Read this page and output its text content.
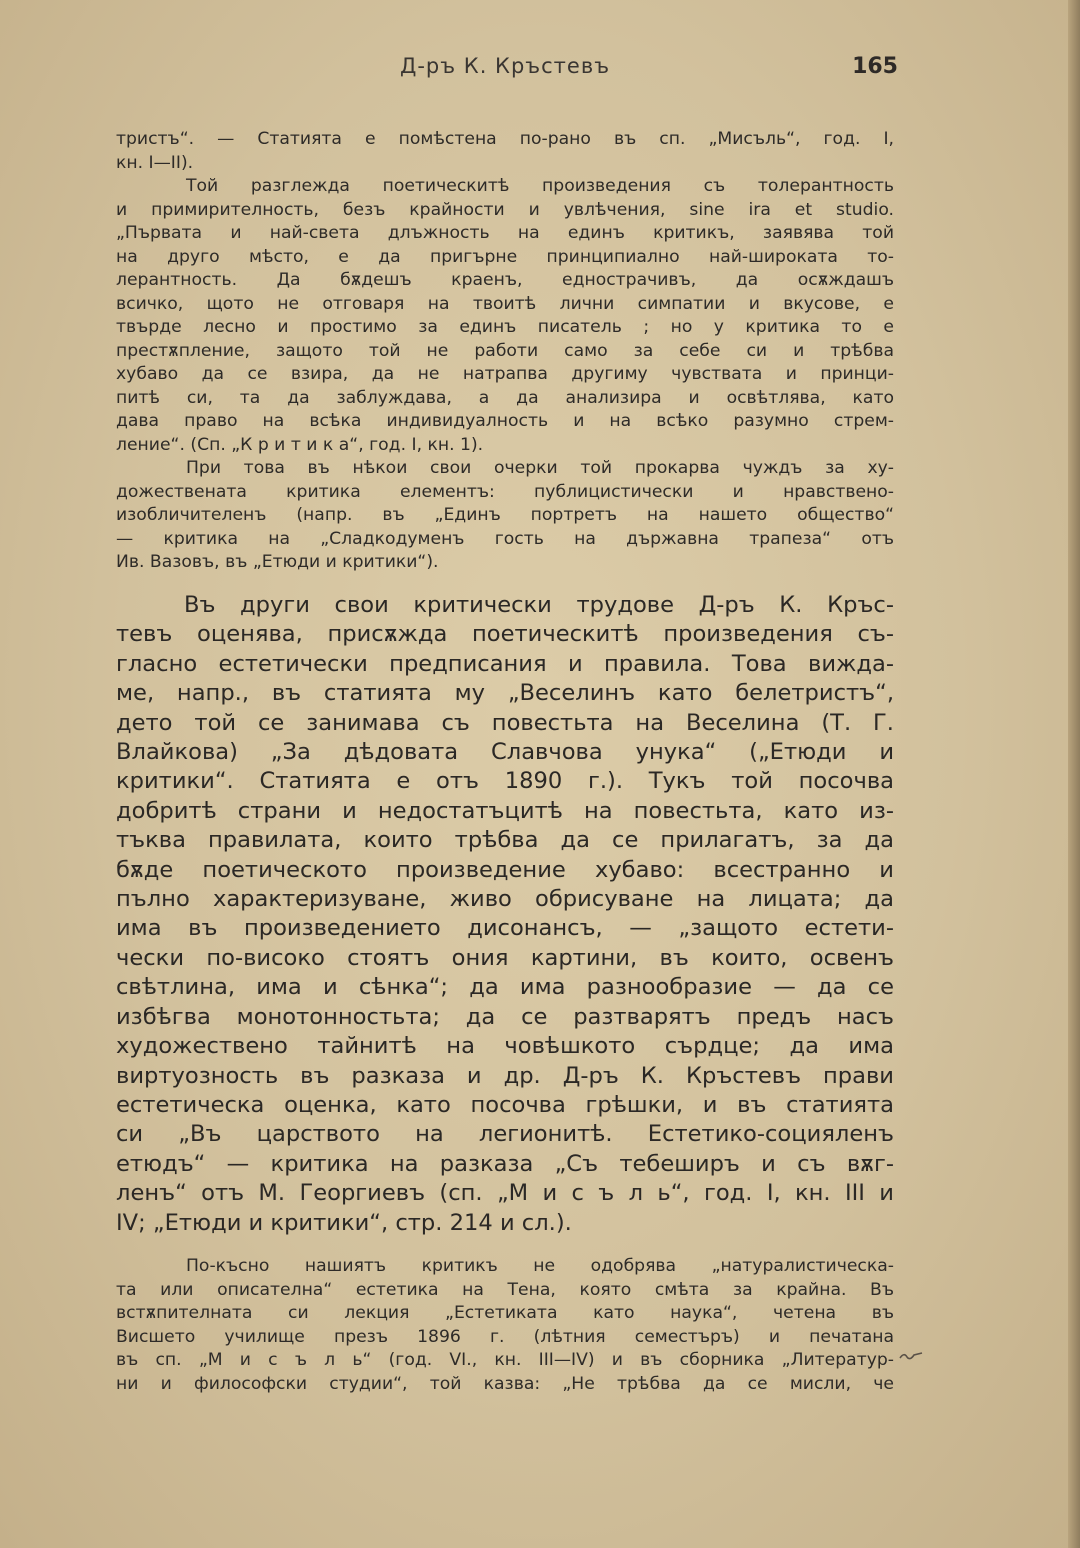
Д-ръ К. Кръстевъ	165
тристъ“. — Статията е помѣстена по-рано въ сп. „Мисъль“, год. I,
кн. I—II).
Той разглежда поетическитѣ произведения съ толерантность
и примирителность, безъ крайности и увлѣчения, sine ira et studio.
„Първата и най-света длъжность на единъ критикъ, заявява той
на друго мѣсто, е да пригърне принципиално най-широката то-
лерантность. Да бѫдешъ краенъ, еднострачивъ, да осѫждашъ
всичко, щото не отговаря на твоитѣ лични симпатии и вкусове, е
твърде лесно и простимо за единъ писатель ; но у критика то е
престѫпление, защото той не работи само за себе си и трѣбва
хубаво да се взира, да не натрапва другиму чувствата и принци-
питѣ си, та да заблуждава, а да анализира и освѣтлява, като
дава право на всѣка индивидуалность и на всѣко разумно стрем-
ление“. (Сп. „К р и т и к а“, год. I, кн. 1).
При това въ нѣкои свои очерки той прокарва чуждъ за ху-
дожествената критика елементъ: публицистически и нравствено-
изобличителенъ (напр. въ „Единъ портретъ на нашето общество“
— критика на „Сладкодуменъ гость на държавна трапеза“ отъ
Ив. Вазовъ, въ „Етюди и критики“).
Въ други свои критически трудове Д-ръ К. Кръс-
тевъ оценява, присѫжда поетическитѣ произведения съ-
гласно естетически предписания и правила. Това виждa-
ме, напр., въ статията му „Веселинъ като белетристъ“,
дето той се занимава съ повестьта на Веселина (Т. Г.
Влайкова) „За дѣдовата Славчова унука“ („Етюди и
критики“. Статията е отъ 1890 г.). Тукъ той посочва
добритѣ страни и недостатъцитѣ на повестьта, като из-
тъква правилата, които трѣбва да се прилагатъ, за да
бѫде поетическото произведение хубаво: всестранно и
пълно характеризуване, живо обрисуване на лицата; да
има въ произведението дисонансъ, — „защото естети-
чески по-високо стоятъ ония картини, въ които, освенъ
свѣтлина, има и сѣнка“; да има разнообразие — да се
избѣгва монотонностьта; да се разтварятъ предъ насъ
художествено тайнитѣ на човѣшкото сърдце; да има
виртуозность въ разказа и др. Д-ръ К. Кръстевъ прави
естетическа оценка, като посочва грѣшки, и въ статията
си „Въ царството на легионитѣ. Естетико-социяленъ
етюдъ“ — критика на разказа „Съ тебеширъ и съ вѫг-
ленъ“ отъ М. Георгиевъ (сп. „М и с ъ л ь“, год. I, кн. III и
IV; „Етюди и критики“, стр. 214 и сл.).
По-късно нашиятъ критикъ не одобрява „натуралистическа-
та или описателна“ естетика на Тена, която смѣта за крайна. Въ
встѫпителната си лекция „Естетиката като наука“, четена въ
Висшето училище презъ 1896 г. (лѣтния семестъръ) и печатана
въ сп. „М и с ъ л ь“ (год. VI., кн. III—IV) и въ сборника „Литератур-
ни и философски студии“, той казва: „Не трѣбва да се мисли, че
